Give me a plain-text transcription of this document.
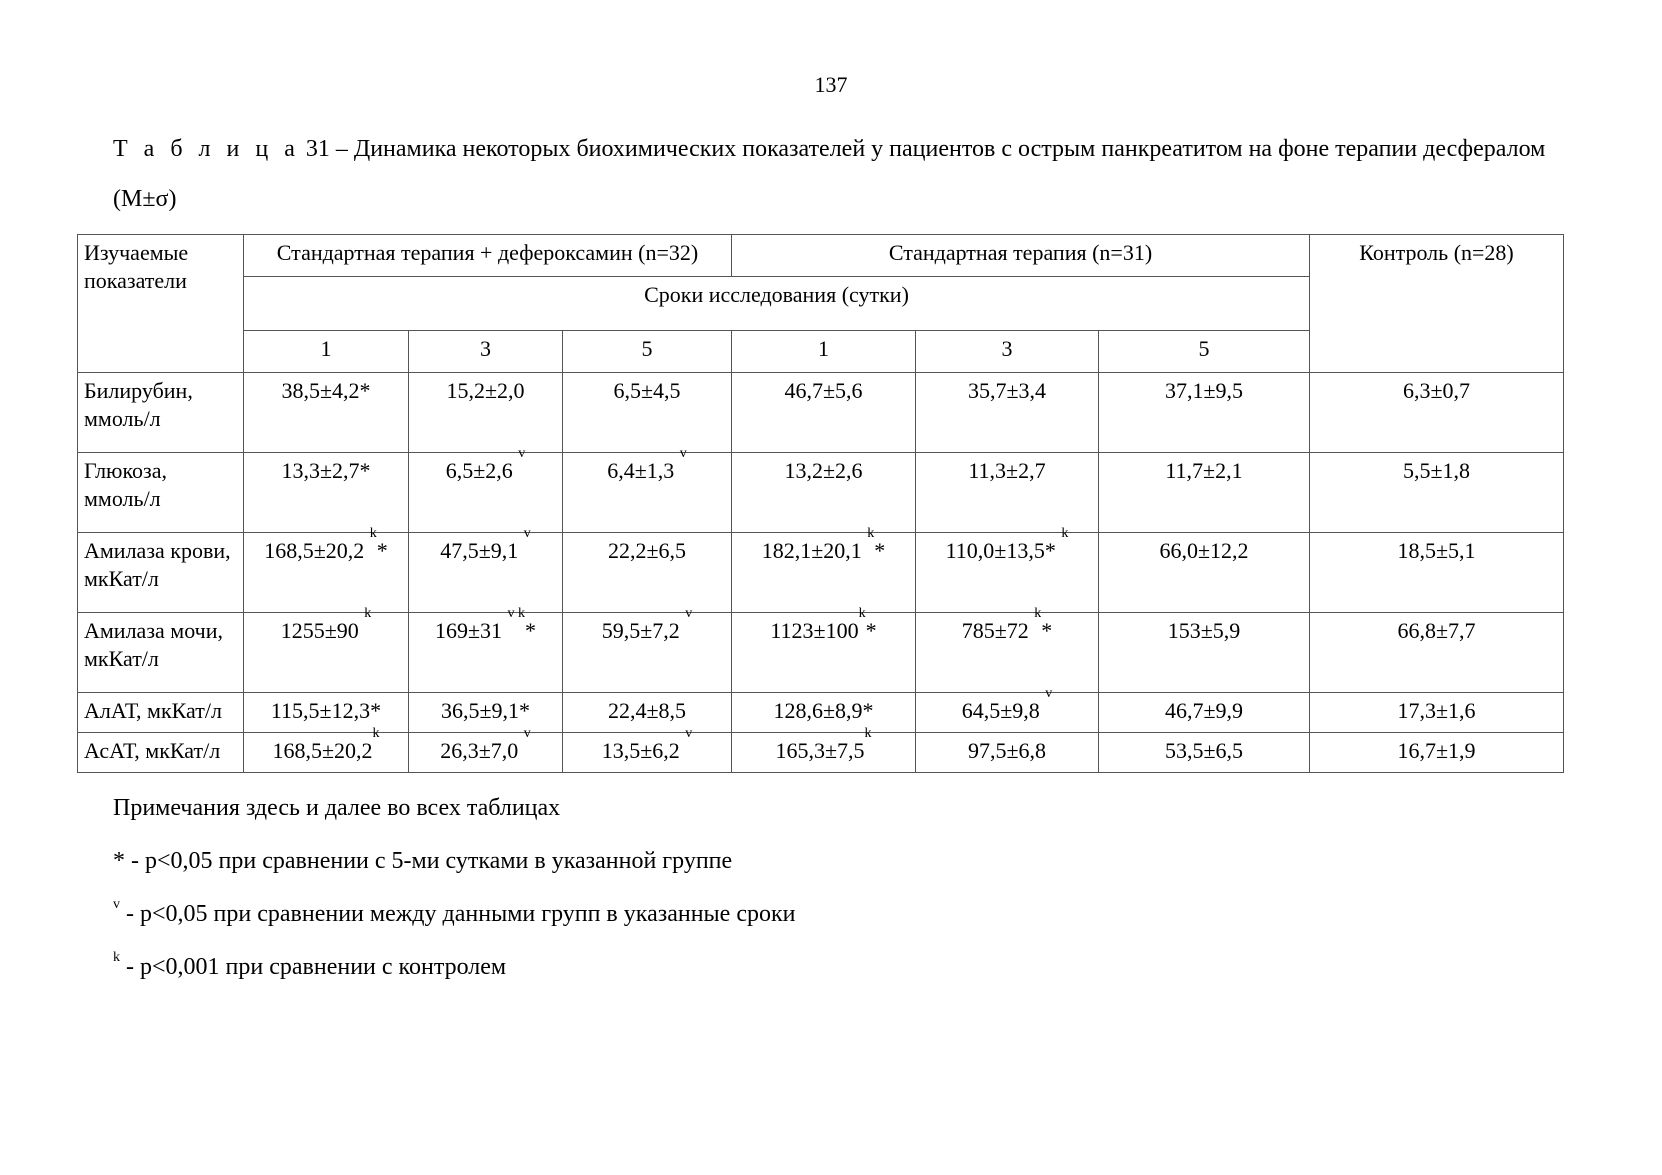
137
Т а б л и ц а 31 – Динамика некоторых биохимических показателей у пациентов с острым панкреатитом на фоне терапии десфералом (M±σ)
Изучаемые показатели	Стандартная терапия + дефероксамин (n=32)			Стандартная терапия (n=31)			Контроль (n=28)
	Сроки исследования (сутки)						
	1	3	5	1	3	5	
Билирубин, ммоль/л	38,5±4,2*	15,2±2,0	6,5±4,5	46,7±5,6	35,7±3,4	37,1±9,5	6,3±0,7
Глюкоза, ммоль/л	13,3±2,7*	6,5±2,6 $^v$	6,4±1,3 $^v$	13,2±2,6	11,3±2,7	11,7±2,1	5,5±1,8
Амилаза крови, мкКат/л	168,5±20,2 $^k$*	47,5±9,1 $^v$	22,2±6,5	182,1±20,1 $^k$*	110,0±13,5* $^k$	66,0±12,2	18,5±5,1
Амилаза мочи, мкКат/л	1255±90 $^k$	169±31 $^{v k}$*	59,5±7,2 $^v$	$1123\pm 100^k*$	785±72 $^k$*	153±5,9	66,8±7,7
АлАТ, мкКат/л	115,5±12,3*	36,5±9,1*	22,4±8,5	128,6±8,9*	64,5±9,8 $^v$	46,7±9,9	17,3±1,6
АсАТ, мкКат/л	$168,5\pm 20,2^k$	26,3±7,0 $^v$	13,5±6,2 $^v$	$165,3\pm 7,5^k$	97,5±6,8	53,5±6,5	16,7±1,9
Примечания здесь и далее во всех таблицах
* - p<0,05 при сравнении с 5-ми сутками в указанной группе
$^v$ - p<0,05 при сравнении между данными групп в указанные сроки
$^k$ - p<0,001 при сравнении с контролем
